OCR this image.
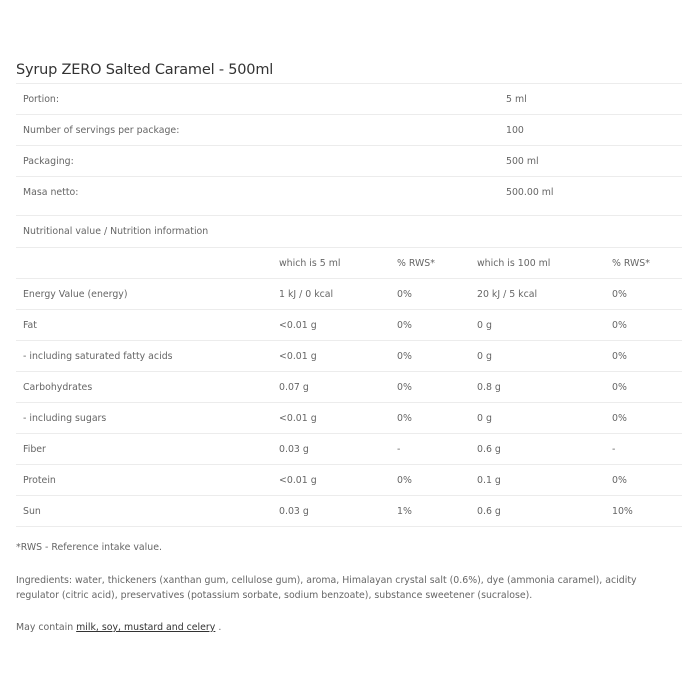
Syrup ZERO Salted Caramel - 500ml
Portion:	5 ml
Number of servings per package:	100
Packaging:	500 ml
Masa netto:	500.00 ml
Nutritional value / Nutrition information
	which is 5 ml	% RWS*	which is 100 ml	% RWS*
Energy Value (energy)	1 kJ / 0 kcal	0%	20 kJ / 5 kcal	0%
Fat	<0.01 g	0%	0 g	0%
- including saturated fatty acids	<0.01 g	0%	0 g	0%
Carbohydrates	0.07 g	0%	0.8 g	0%
- including sugars	<0.01 g	0%	0 g	0%
Fiber	0.03 g	-	0.6 g	-
Protein	<0.01 g	0%	0.1 g	0%
Sun	0.03 g	1%	0.6 g	10%

*RWS - Reference intake value.

Ingredients: water, thickeners (xanthan gum, cellulose gum), aroma, Himalayan crystal salt (0.6%), dye (ammonia caramel), acidity regulator (citric acid), preservatives (potassium sorbate, sodium benzoate), substance sweetener (sucralose).

May contain milk, soy, mustard and celery .
